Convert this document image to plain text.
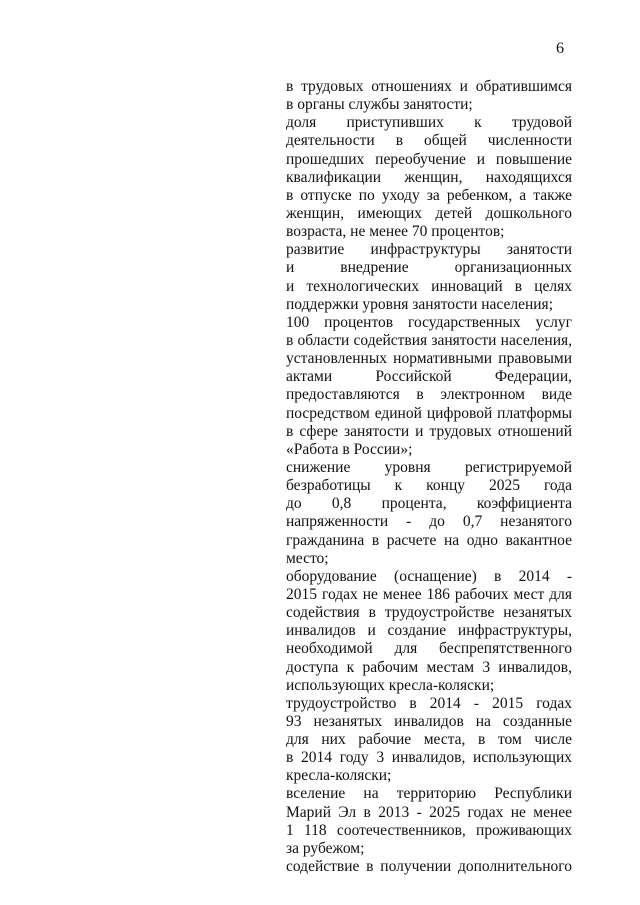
6
в трудовых отношениях и обратившимся
в органы службы занятости;
доля приступивших к трудовой
деятельности в общей численности
прошедших переобучение и повышение
квалификации женщин, находящихся
в отпуске по уходу за ребенком, а также
женщин, имеющих детей дошкольного
возраста, не менее 70 процентов;
развитие инфраструктуры занятости
и внедрение организационных
и технологических инноваций в целях
поддержки уровня занятости населения;
100 процентов государственных услуг
в области содействия занятости населения,
установленных нормативными правовыми
актами Российской Федерации,
предоставляются в электронном виде
посредством единой цифровой платформы
в сфере занятости и трудовых отношений
«Работа в России»;
снижение уровня регистрируемой
безработицы к концу 2025 года
до 0,8 процента, коэффициента
напряженности - до 0,7 незанятого
гражданина в расчете на одно вакантное
место;
оборудование (оснащение) в 2014 -
2015 годах не менее 186 рабочих мест для
содействия в трудоустройстве незанятых
инвалидов и создание инфраструктуры,
необходимой для беспрепятственного
доступа к рабочим местам 3 инвалидов,
использующих кресла-коляски;
трудоустройство в 2014 - 2015 годах
93 незанятых инвалидов на созданные
для них рабочие места, в том числе
в 2014 году 3 инвалидов, использующих
кресла-коляски;
вселение на территорию Республики
Марий Эл в 2013 - 2025 годах не менее
1 118 соотечественников, проживающих
за рубежом;
содействие в получении дополнительного
